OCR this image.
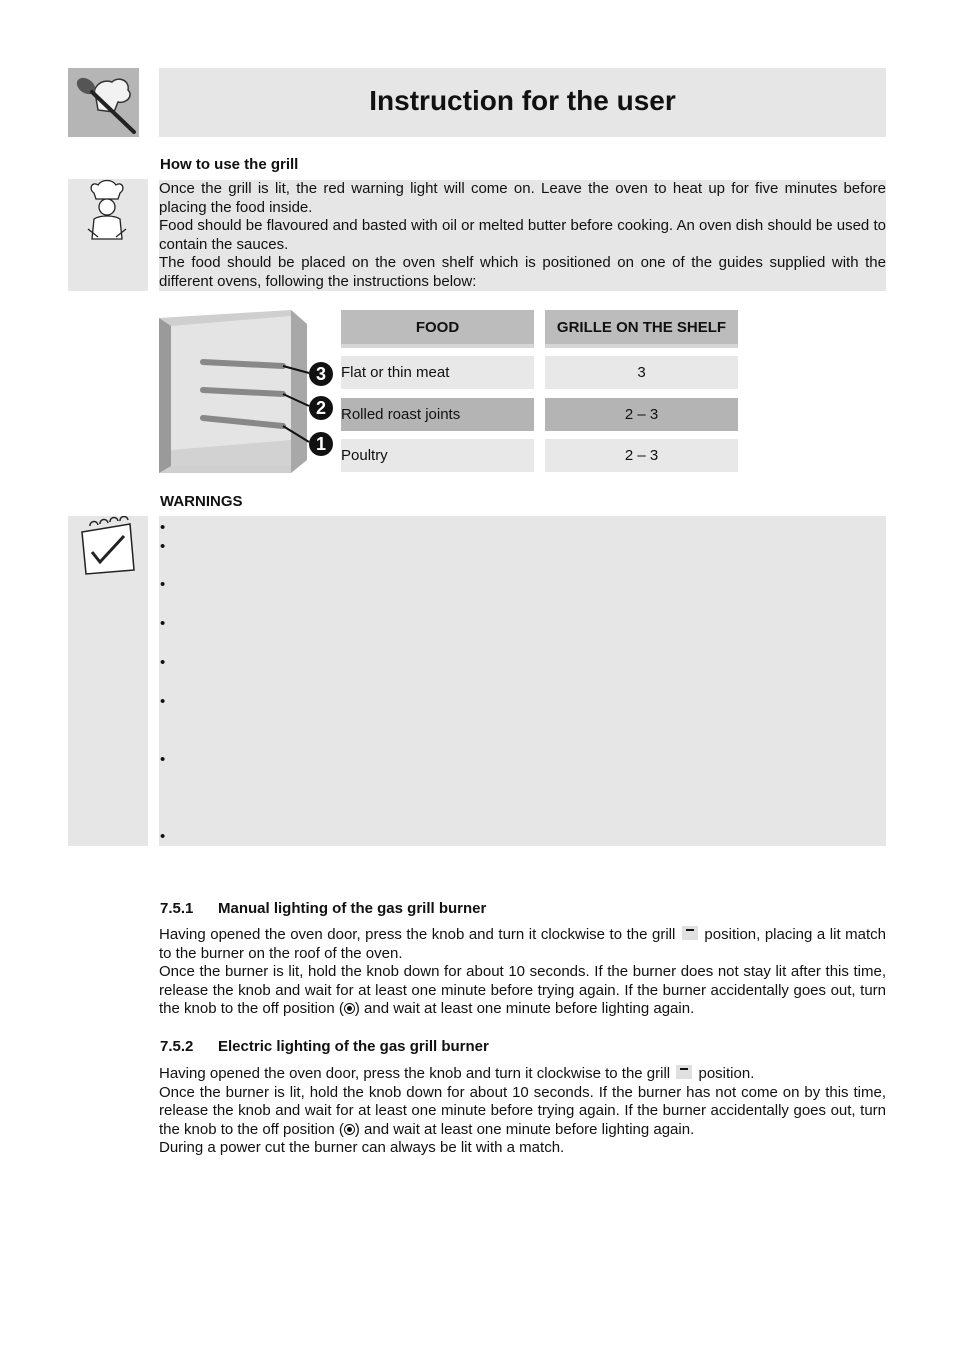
Instruction for the user
How to use the grill

Once the grill is lit, the red warning light will come on. Leave the oven to heat up for five minutes before placing the food inside.

Food should be flavoured and basted with oil or melted butter before cooking. An oven dish should be used to contain the sauces.

The food should be placed on the oven shelf which is positioned on one of the guides supplied with the different ovens, following the instructions below:

3
2
1
FOOD	GRILLE ON THE SHELF
Flat or thin meat	3
Rolled roast joints	2 – 3
Poultry	2 – 3
WARNINGS
•
•
•
•
•
•
•
•
7.5.1 Manual lighting of the gas grill burner

Having opened the oven door, press the knob and turn it clockwise to the grill position, placing a lit match to the burner on the roof of the oven.

Once the burner is lit, hold the knob down for about 10 seconds. If the burner does not stay lit after this time, release the knob and wait for at least one minute before trying again. If the burner accidentally goes out, turn the knob to the off position ( ) and wait at least one minute before lighting again.

7.5.2 Electric lighting of the gas grill burner

Having opened the oven door, press the knob and turn it clockwise to the grill position.

Once the burner is lit, hold the knob down for about 10 seconds. If the burner has not come on by this time, release the knob and wait for at least one minute before trying again. If the burner accidentally goes out, turn the knob to the off position ( ) and wait at least one minute before lighting again.

During a power cut the burner can always be lit with a match.
